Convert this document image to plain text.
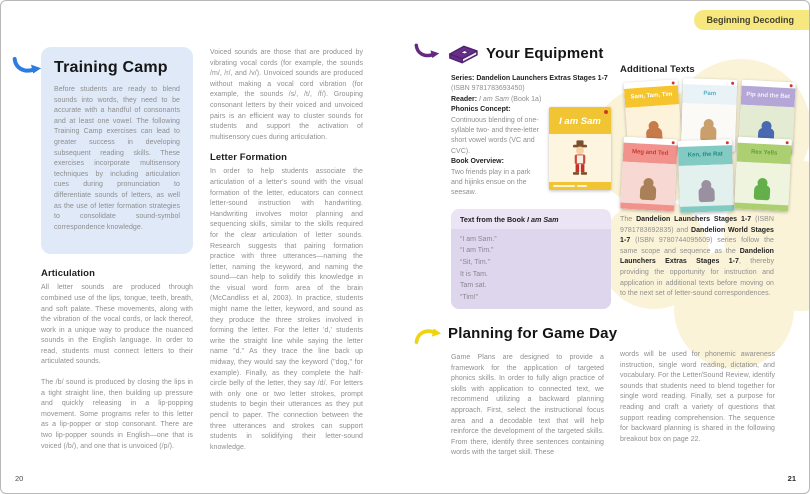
Training Camp

Before students are ready to blend sounds into words, they need to be accurate with a handful of consonants and at least one vowel. The following Training Camp exercises can lead to greater success in developing subsequent reading skills. These exercises incorporate multisensory techniques by including articulation cues during pronunciation to differentiate sounds of letters, as well as the use of letter formation strategies to consolidate sound-symbol correspondence knowledge.

Articulation

All letter sounds are produced through combined use of the lips, tongue, teeth, breath, and soft palate. These movements, along with the vibration of the vocal cords, or lack thereof, work in a unique way to produce the nuanced sounds in the English language. In order to read, students must connect letters to their articulated sounds.

The /b/ sound is produced by closing the lips in a tight straight line, then building up pressure and quickly releasing in a lip-popping movement. Some programs refer to this letter as a lip-popper or stop consonant. There are two lip-popper sounds in English—one that is voiced (/b/), and one that is unvoiced (/p/).

Voiced sounds are those that are produced by vibrating vocal cords (for example, the sounds /m/, /r/, and /v/). Unvoiced sounds are produced without making a vocal cord vibration (for example, the sounds /s/, /t/, /f/). Grouping consonant letters by their voiced and unvoiced pairs is an efficient way to cluster sounds for students and support the activation of multisensory cues during articulation.

Letter Formation

In order to help students associate the articulation of a letter's sound with the visual formation of the letter, educators can connect letter-sound instruction with handwriting. Handwriting involves motor planning and sequencing skills, similar to the skills required for the clear articulation of letter sounds. Research suggests that pairing formation practice with three utterances—naming the letter, naming the keyword, and naming the sound—can help to solidify this knowledge in the visual word form area of the brain (McCandliss et al, 2003). In practice, students might name the letter, keyword, and sound as they produce the three strokes involved in forming the letter. For the letter 'd,' students write the straight line while saying the letter name "d." As they trace the line back up midway, they would say the keyword ("dog," for example). Finally, as they complete the half-circle belly of the letter, they say /d/. For letters with only one or two letter strokes, prompt students to begin their utterances as they put pencil to paper. The connection between the three utterances and strokes can support students in solidifying their letter-sound knowledge.

20
Beginning Decoding
Your Equipment

Series: Dandelion Launchers Extras Stages 1-7 (ISBN 9781783693450)

Reader: I am Sam (Book 1a)

I am Sam

Phonics Concept:

Continuous blending of one-syllable two- and three-letter short vowel words (VC and CVC).

Book Overview:

Two friends play in a park and hijinks ensue on the seesaw.

Text from the Book I am Sam
“I am Sam.”
“I am Tim.”
“Sit, Tim.”
It is Tam.
Tam sat.
“Tim!”
Planning for Game Day

Game Plans are designed to provide a framework for the application of targeted phonics skills. In order to fully align practice of skills with application to connected text, we recommend utilizing a backward planning approach. First, select the instructional focus area and a decodable text that will help reinforce the development of the targeted skills. From there, identify three sentences containing words with the target skill. These

Additional Texts
Sam, Tam, Tim	Pam	Pip and the Bat
Meg and Ted	Ken, the Rat	Rex Yells

The Dandelion Launchers Stages 1-7 (ISBN 9781783692835) and Dandelion World Stages 1-7 (ISBN 9780744095609) series follow the same scope and sequence as the Dandelion Launchers Extras Stages 1-7, thereby providing the opportunity for instruction and application in additional texts before moving on to the next set of letter-sound correspondences.

words will be used for phonemic awareness instruction, single word reading, dictation, and vocabulary. For the Letter/Sound Review, identify sounds that students need to blend together for single word reading. Finally, set a purpose for reading and craft a variety of questions that support reading comprehension. The sequence for backward planning is shared in the following breakout box on page 22.

21
